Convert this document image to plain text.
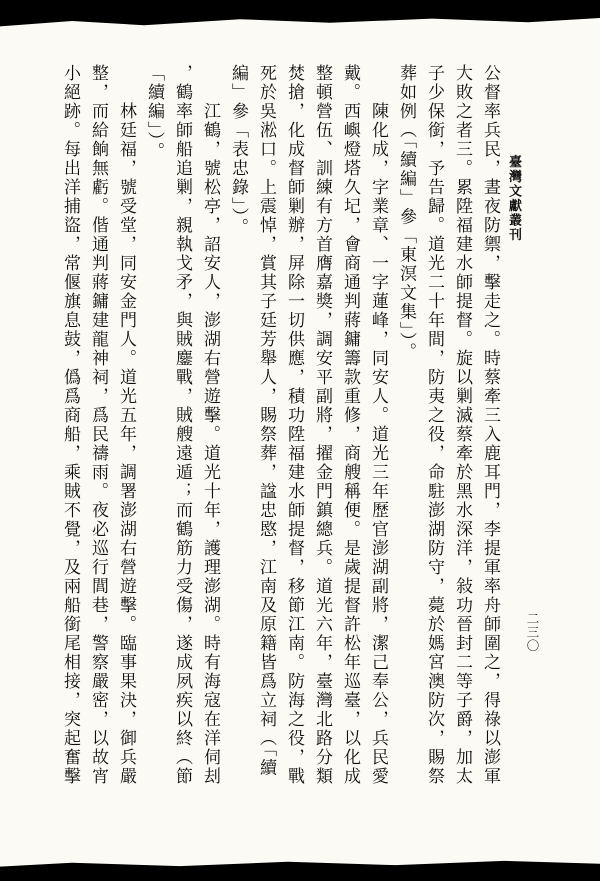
臺灣文獻叢刊
二三〇
公督率兵民，晝夜防禦，擊走之。時蔡牽三入鹿耳門，李提軍率舟師圍之，得祿以澎軍
大敗之者三。累陞福建水師提督。旋以剿滅蔡牽於黑水深洋，敍功晉封二等子爵，加太
子少保銜，予告歸。道光二十年間，防夷之役，命駐澎湖防守，薨於媽宮澳防次，賜祭
葬如例（「續編」參「東溟文集」）。
陳化成，字業章、一字蓮峰，同安人。道光三年歷官澎湖副將，潔己奉公，兵民愛
戴。西嶼燈塔久圮，會商通判蔣鏞籌款重修，商艘稱便。是歲提督許松年巡臺，以化成
整頓營伍、訓練有方首膺嘉獎，調安平副將，擢金門鎮總兵。道光六年，臺灣北路分類
焚搶，化成督師剿辦，屏除一切供應，積功陞福建水師提督，移節江南。防海之役，戰
死於吳淞口。上震悼，賞其子廷芳舉人，賜祭葬，諡忠愍，江南及原籍皆爲立祠（「續
編」參「表忠錄」）。
江鶴，號松亭，詔安人，澎湖右營遊擊。道光十年，護理澎湖。時有海寇在洋伺刦
，鶴率師船追剿，親執戈矛，與賊鏖戰，賊艘遠遁；而鶴筋力受傷，遂成夙疾以終（節
「續編」）。
林廷福，號受堂，同安金門人。道光五年，調署澎湖右營遊擊。臨事果決，御兵嚴
整，而給餉無虧。偕通判蔣鏞建龍神祠，爲民禱雨。夜必巡行閭巷，警察嚴密，以故宵
小絕跡。每出洋捕盜，常偃旗息鼓，僞爲商船，乘賊不覺，及兩船銜尾相接，突起奮擊
